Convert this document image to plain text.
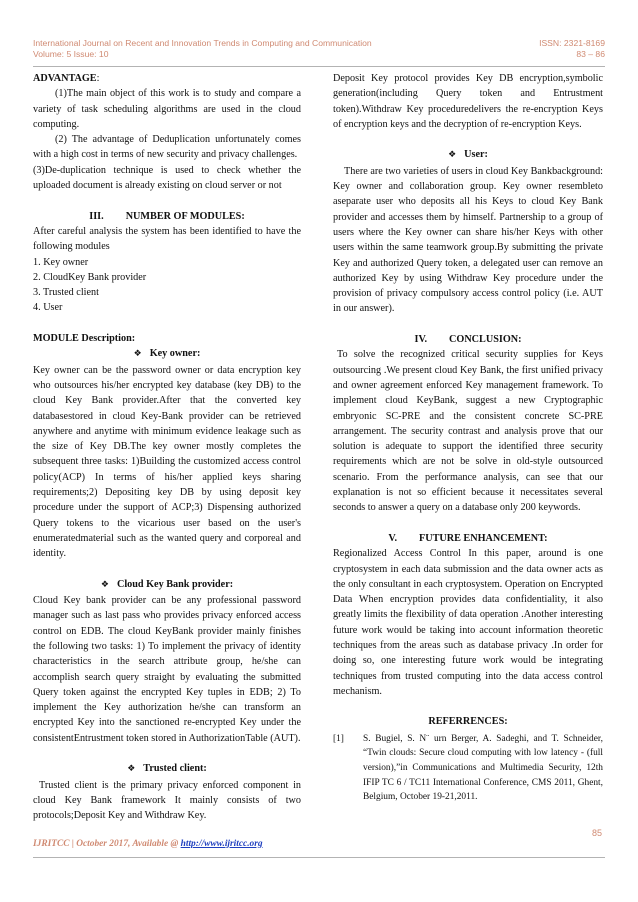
International Journal on Recent and Innovation Trends in Computing and Communication	ISSN: 2321-8169
Volume: 5 Issue: 10	83 – 86

ADVANTAGE:

(1)The main object of this work is to study and compare a variety of task scheduling algorithms are used in the cloud computing.

(2) The advantage of Deduplication unfortunately comes with a high cost in terms of new security and privacy challenges.

(3)De-duplication technique is used to check whether the uploaded document is already existing on cloud server or not

III. NUMBER OF MODULES:

After careful analysis the system has been identified to have the following modules

1. Key owner

2. CloudKey Bank provider

3. Trusted client

4. User

MODULE Description:

❖ Key owner:

Key owner can be the password owner or data encryption key who outsources his/her encrypted key database (key DB) to the cloud Key Bank provider.After that the converted key databasestored in cloud Key-Bank provider can be retrieved anywhere and anytime with minimum evidence leakage such as the size of Key DB.The key owner mostly completes the subsequent three tasks: 1)Building the customized access control policy(ACP) In terms of his/her applied keys sharing requirements;2) Depositing key DB by using deposit key procedure under the support of ACP;3) Dispensing authorized Query tokens to the vicarious user based on the user's enumeratedmaterial such as the wanted query and corporeal and identity.

❖ Cloud Key Bank provider:

Cloud Key bank provider can be any professional password manager such as last pass who provides privacy enforced access control on EDB. The cloud KeyBank provider mainly finishes the following two tasks: 1) To implement the privacy of identity characteristics in the search attribute group, he/she can accomplish search query straight by evaluating the submitted Query token against the encrypted Key tuples in EDB; 2) To implement the Key authorization he/she can transform an encrypted Key into the sanctioned re-encrypted Key under the consistentEntrustment token stored in AuthorizationTable (AUT).

❖ Trusted client:

Trusted client is the primary privacy enforced component in cloud Key Bank framework It mainly consists of two protocols;Deposit Key and Withdraw Key.

Deposit Key protocol provides Key DB encryption,symbolic generation(including Query token and Entrustment token).Withdraw Key proceduredelivers the re-encryption Keys of encryption keys and the decryption of re-encryption Keys.

❖ User:

There are two varieties of users in cloud Key Bankbackground: Key owner and collaboration group. Key owner resembleto aseparate user who deposits all his Keys to cloud Key Bank provider and accesses them by himself. Partnership to a group of users where the Key owner can share his/her Keys with other users within the same teamwork group.By submitting the private Key and authorized Query token, a delegated user can remove an authorized Key by using Withdraw Key procedure under the provision of privacy compulsory access control policy (i.e. AUT in our answer).

IV. CONCLUSION:

To solve the recognized critical security supplies for Keys outsourcing .We present cloud Key Bank, the first unified privacy and owner agreement enforced Key management framework. To implement cloud KeyBank, suggest a new Cryptographic embryonic SC-PRE and the consistent concrete SC-PRE arrangement. The security contrast and analysis prove that our solution is adequate to support the identified three security requirements which are not be solve in old-style outsourced scenario. From the performance analysis, can see that our explanation is not so efficient because it necessitates several seconds to answer a query on a database only 200 keywords.

V. FUTURE ENHANCEMENT:

Regionalized Access Control In this paper, around is one cryptosystem in each data submission and the data owner acts as the only consultant in each cryptosystem. Operation on Encrypted Data When encryption provides data confidentiality, it also greatly limits the flexibility of data operation .Another interesting future work would be taking into account information theoretic techniques from the areas such as database privacy .In order for doing so, one interesting future work would be integrating techniques from trusted computing into the data access control mechanism.

REFERRENCES:

[1]	S. Bugiel, S. N¨ urn Berger, A. Sadeghi, and T. Schneider, “Twin clouds: Secure cloud computing with low latency - (full version),”in Communications and Multimedia Security, 12th IFIP TC 6 / TC11 International Conference, CMS 2011, Ghent, Belgium, October 19-21,2011.
85
IJRITCC | October 2017, Available @ http://www.ijritcc.org
